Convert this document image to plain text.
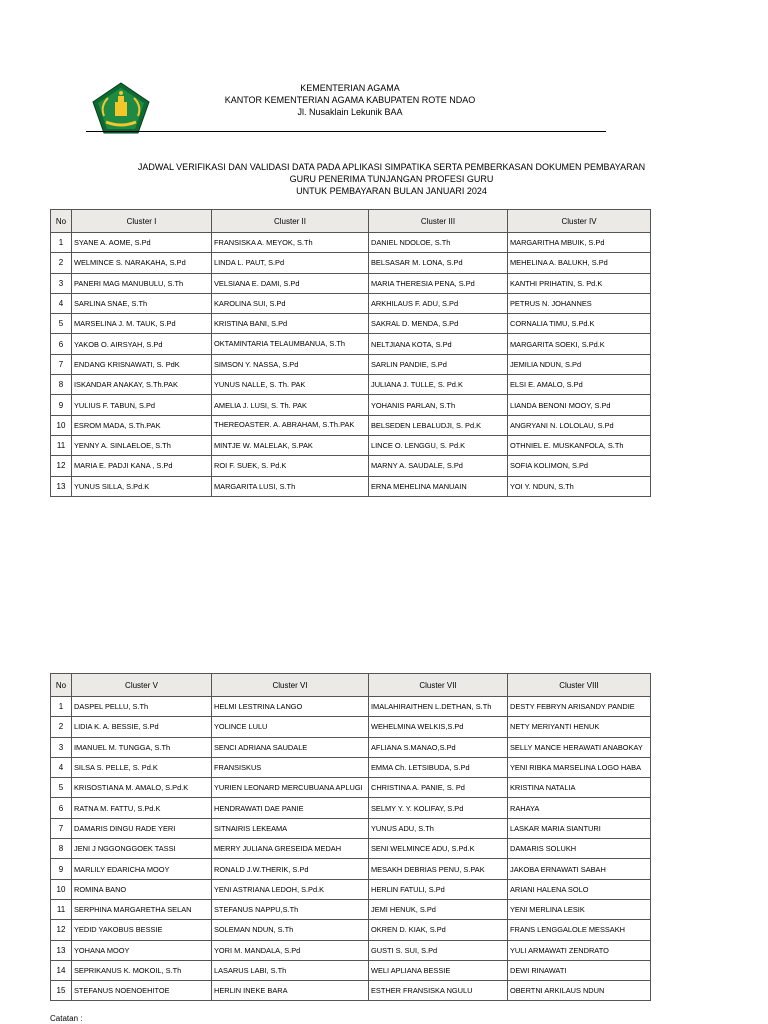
KEMENTERIAN AGAMA
KANTOR KEMENTERIAN AGAMA KABUPATEN ROTE NDAO
Jl. Nusaklain Lekunik BAA
JADWAL VERIFIKASI DAN VALIDASI DATA PADA APLIKASI SIMPATIKA SERTA PEMBERKASAN DOKUMEN PEMBAYARAN
GURU PENERIMA TUNJANGAN PROFESI GURU
UNTUK PEMBAYARAN BULAN JANUARI 2024
No	Cluster I	Cluster II	Cluster III	Cluster IV
1	SYANE A. AOME, S.Pd	FRANSISKA A. MEYOK, S.Th	DANIEL NDOLOE, S.Th	MARGARITHA MBUIK, S.Pd
2	WELMINCE S. NARAKAHA, S.Pd	LINDA L. PAUT, S.Pd	BELSASAR M. LONA, S.Pd	MEHELINA A. BALUKH, S.Pd
3	PANERI MAG MANUBULU, S.Th	VELSIANA E. DAMI, S.Pd	MARIA THERESIA PENA, S.Pd	KANTHI PRIHATIN, S. Pd.K
4	SARLINA SNAE, S.Th	KAROLINA SUI, S.Pd	ARKHILAUS F. ADU, S.Pd	PETRUS N. JOHANNES
5	MARSELINA J. M. TAUK, S.Pd	KRISTINA BANI, S.Pd	SAKRAL D. MENDA, S.Pd	CORNALIA TIMU, S.Pd.K
6	YAKOB O. AIRSYAH, S.Pd	OKTAMINTARIA TELAUMBANUA, S.Th	NELTJIANA KOTA, S.Pd	MARGARITA SOEKI, S.Pd.K
7	ENDANG KRISNAWATI, S. PdK	SIMSON Y. NASSA, S.Pd	SARLIN PANDIE, S.Pd	JEMILIA NDUN, S.Pd
8	ISKANDAR ANAKAY, S.Th.PAK	YUNUS NALLE, S. Th. PAK	JULIANA J. TULLE, S. Pd.K	ELSI E. AMALO, S.Pd
9	YULIUS F. TABUN, S.Pd	AMELIA J. LUSI, S. Th. PAK	YOHANIS PARLAN, S.Th	LIANDA BENONI MOOY, S.Pd
10	ESROM MADA, S.Th.PAK	THEREOASTER. A. ABRAHAM, S.Th.PAK	BELSEDEN LEBALUDJI, S. Pd.K	ANGRYANI N. LOLOLAU, S.Pd
11	YENNY A. SINLAELOE, S.Th	MINTJE W. MALELAK, S.PAK	LINCE O. LENGGU, S. Pd.K	OTHNIEL E. MUSKANFOLA, S.Th
12	MARIA E. PADJI KANA , S.Pd	ROI F. SUEK, S. Pd.K	MARNY A. SAUDALE, S.Pd	SOFIA KOLIMON, S.Pd
13	YUNUS SILLA, S.Pd.K	MARGARITA LUSI, S.Th	ERNA MEHELINA MANUAIN	YOI Y. NDUN, S.Th
No	Cluster V	Cluster VI	Cluster VII	Cluster VIII
1	DASPEL PELLU, S.Th	HELMI LESTRINA LANGO	IMALAHIRAITHEN L.DETHAN, S.Th	DESTY FEBRYN ARISANDY PANDIE
2	LIDIA K. A. BESSIE, S.Pd	YOLINCE LULU	WEHELMINA WELKIS,S.Pd	NETY MERIYANTI HENUK
3	IMANUEL M. TUNGGA, S.Th	SENCI ADRIANA SAUDALE	AFLIANA S.MANAO,S.Pd	SELLY MANCE HERAWATI ANABOKAY
4	SILSA S. PELLE, S. Pd.K	FRANSISKUS	EMMA Ch. LETSIBUDA, S.Pd	YENI RIBKA MARSELINA LOGO HABA
5	KRISOSTIANA M. AMALO, S.Pd.K	YURIEN LEONARD MERCUBUANA APLUGI	CHRISTINA A. PANIE, S. Pd	KRISTINA NATALIA
6	RATNA M. FATTU, S.Pd.K	HENDRAWATI DAE PANIE	SELMY Y. Y. KOLIFAY, S.Pd	RAHAYA
7	DAMARIS DINGU RADE YERI	SITNAIRIS LEKEAMA	YUNUS ADU, S.Th	LASKAR MARIA SIANTURI
8	JENI J NGGONGGOEK TASSI	MERRY JULIANA GRESEIDA MEDAH	SENI WELMINCE ADU, S.Pd.K	DAMARIS SOLUKH
9	MARLILY EDARICHA MOOY	RONALD J.W.THERIK, S.Pd	MESAKH DEBRIAS PENU, S.PAK	JAKOBA ERNAWATI SABAH
10	ROMINA BANO	YENI ASTRIANA LEDOH, S.Pd.K	HERLIN FATULI, S.Pd	ARIANI HALENA SOLO
11	SERPHINA MARGARETHA SELAN	STEFANUS NAPPU,S.Th	JEMI HENUK, S.Pd	YENI MERLINA LESIK
12	YEDID YAKOBUS BESSIE	SOLEMAN NDUN, S.Th	OKREN D. KIAK, S.Pd	FRANS LENGGALOLE MESSAKH
13	YOHANA MOOY	YORI M. MANDALA, S.Pd	GUSTI S. SUI, S.Pd	YULI ARMAWATI ZENDRATO
14	SEPRIKANUS K. MOKOIL, S.Th	LASARUS LABI, S.Th	WELI APLIANA BESSIE	DEWI RINAWATI
15	STEFANUS NOENOEHITOE	HERLIN INEKE BARA	ESTHER FRANSISKA NGULU	OBERTNI ARKILAUS NDUN
Catatan :
